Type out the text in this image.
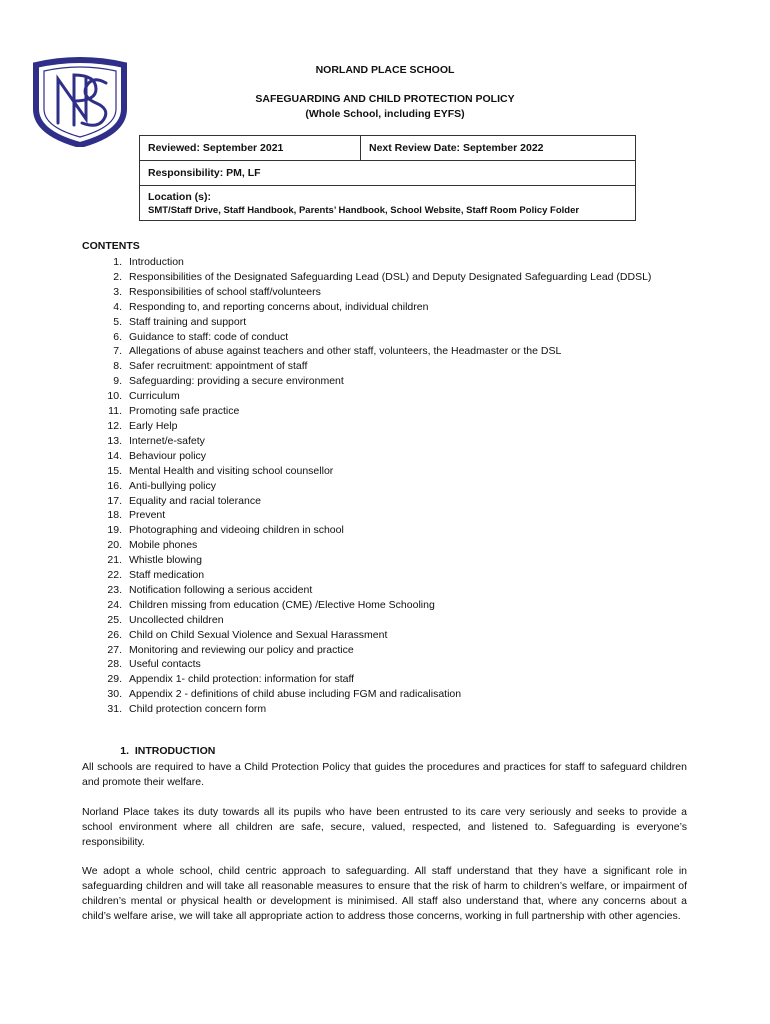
NORLAND PLACE SCHOOL
SAFEGUARDING AND CHILD PROTECTION POLICY
(Whole School, including EYFS)
Reviewed: September 2021	Next Review Date: September 2022
Responsibility: PM, LF

Location (s):
SMT/Staff Drive, Staff Handbook, Parents’ Handbook, School Website, Staff Room Policy Folder
CONTENTS
1. Introduction
2. Responsibilities of the Designated Safeguarding Lead (DSL) and Deputy Designated Safeguarding Lead (DDSL)
3. Responsibilities of school staff/volunteers
4. Responding to, and reporting concerns about, individual children
5. Staff training and support
6. Guidance to staff: code of conduct
7. Allegations of abuse against teachers and other staff, volunteers, the Headmaster or the DSL
8. Safer recruitment: appointment of staff
9. Safeguarding: providing a secure environment
10. Curriculum
11. Promoting safe practice
12. Early Help
13. Internet/e-safety
14. Behaviour policy
15. Mental Health and visiting school counsellor
16. Anti-bullying policy
17. Equality and racial tolerance
18. Prevent
19. Photographing and videoing children in school
20. Mobile phones
21. Whistle blowing
22. Staff medication
23. Notification following a serious accident
24. Children missing from education (CME) /Elective Home Schooling
25. Uncollected children
26. Child on Child Sexual Violence and Sexual Harassment
27. Monitoring and reviewing our policy and practice
28. Useful contacts
29. Appendix 1- child protection: information for staff
30. Appendix 2 - definitions of child abuse including FGM and radicalisation
31. Child protection concern form
1. INTRODUCTION

All schools are required to have a Child Protection Policy that guides the procedures and practices for staff to safeguard children and promote their welfare.

Norland Place takes its duty towards all its pupils who have been entrusted to its care very seriously and seeks to provide a school environment where all children are safe, secure, valued, respected, and listened to. Safeguarding is everyone’s responsibility.

We adopt a whole school, child centric approach to safeguarding. All staff understand that they have a significant role in safeguarding children and will take all reasonable measures to ensure that the risk of harm to children’s welfare, or impairment of children’s mental or physical health or development is minimised. All staff also understand that, where any concerns about a child’s welfare arise, we will take all appropriate action to address those concerns, working in full partnership with other agencies.
